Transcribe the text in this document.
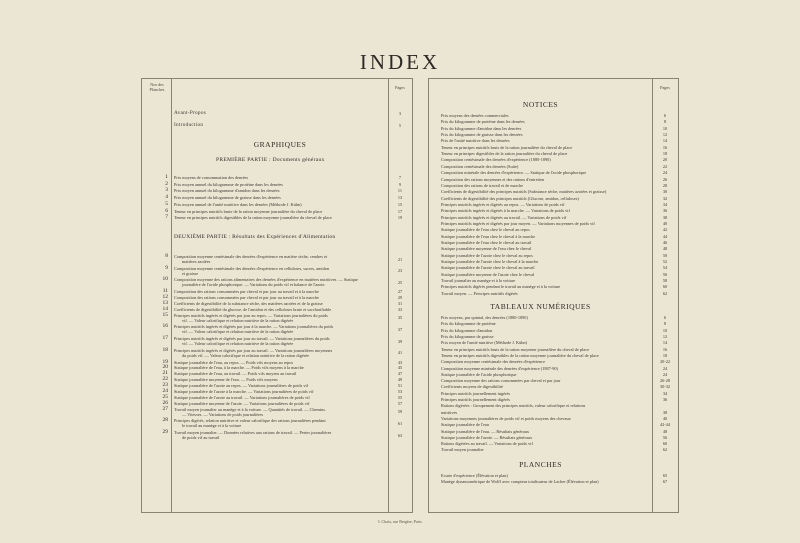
INDEX
Nos des Planches	Pages
Avant-Propos	3
Introduction	5
GRAPHIQUES
PREMIÈRE PARTIE : Documents généraux
1 Prix moyens de consommation des denrées	7
2 Prix moyen annuel du kilogramme de protéine dans les denrées	9
3 Prix moyen annuel du kilogramme d'amidon dans les denrées	11
4 Prix moyen annuel du kilogramme de graisse dans les denrées	13
5 Prix moyen annuel de l'unité nutritive dans les denrées (Méthode J. Kühn)	15
6 Teneur en principes nutritifs brute de la ration moyenne journalière du cheval de place	17
7 Teneur en principes nutritifs digestibles de la ration moyenne journalière du cheval de place	19
DEUXIÈME PARTIE : Résultats des Expériences d'Alimentation
8 Composition moyenne centésimale des denrées d'expérience en matière sèche, cendres et
matières azotées	21
9 Composition moyenne centésimale des denrées d'expérience en celluloses, sucres, amidon
et graisse	23
10 Composition moyenne des rations alimentaires des denrées d'expérience en matières nutritives. — Statique
journalière de l'acide phosphorique. — Variations du poids vif et balance de l'azote.	25
11 Composition des rations consommées par cheval et par jour au travail et à la marche	27
12 Composition des rations consommées par cheval et par jour au travail et à la marche	29
13 Coefficients de digestibilité de la substance sèche, des matières azotées et de la graisse	31
14 Coefficients de digestibilité du glucose, de l'amidon et des celluloses brute et saccharifiable	33
15 Principes nutritifs ingérés et digérés par jour au repos. — Variations journalières du poids
vif. — Valeur calorifique et relation nutritive de la ration digérée	35
16 Principes nutritifs ingérés et digérés par jour à la marche. — Variations journalières du poids
vif. — Valeur calorifique et relation nutritive de la ration digérée	37
17 Principes nutritifs ingérés et digérés par jour au travail. — Variations journalières du poids
vif. — Valeur calorifique et relation nutritive de la ration digérée	39
18 Principes nutritifs ingérés et digérés par jour au travail. — Variations journalières moyennes
du poids vif. — Valeur calorifique et relation nutritive de la ration digérée	41
19 Statique journalière de l'eau, au repos. — Poids vifs moyens au repos	43
20 Statique journalière de l'eau, à la marche. — Poids vifs moyens à la marche	45
21 Statique journalière de l'eau, au travail. — Poids vifs moyens au travail	47
22 Statique journalière moyenne de l'eau. — Poids vifs moyens	49
23 Statique journalière de l'azote au repos. — Variations journalières de poids vif	51
24 Statique journalière de l'azote à la marche. — Variations journalières de poids vif	53
25 Statique journalière de l'azote au travail. — Variations journalières de poids vif	55
26 Statique journalière moyenne de l'azote. — Variations journalières de poids vif	57
27 Travail moyen journalier au manège et à la voiture. — Quantités de travail. — Chemins.
— Vitesses. — Variations de poids journalières	59
28 Principes digérés, relation nutritive et valeur calorifique des rations journalières pendant
le travail au manège et à la voiture	61
29 Travail moyen journalier. — Données relatives aux rations de travail. — Pertes journalières
de poids vif au travail	63
Pages
NOTICES
Prix moyens des denrées commerciales	6
Prix du kilogramme de protéine dans les denrées	8
Prix du kilogramme d'amidon dans les denrées	10
Prix du kilogramme de graisse dans les denrées	12
Prix de l'unité nutritive dans les denrées	14
Teneur en principes nutritifs bruts de la ration journalière du cheval de place	16
Teneur en principes digestibles de la ration journalière du cheval de place	18
Composition centésimale des denrées d'expérience (1880-1890)	20
Composition centésimale des denrées (Suite)	22
Composition minérale des denrées d'expérience. — Statique de l'acide phosphorique	24
Composition des rations moyennes et des rations d'entretien	26
Composition des rations de travail et de marche	28
Coefficients de digestibilité des principes nutritifs (Substance sèche, matières azotées et graisse)	30
Coefficients de digestibilité des principes nutritifs (Glucose, amidon, celluloses)	32
Principes nutritifs ingérés et digérés au repos. — Variations de poids vif	34
Principes nutritifs ingérés et digérés à la marche. — Variations de poids vif	36
Principes nutritifs ingérés et digérés au travail. — Variations de poids vif	38
Principes nutritifs ingérés et digérés par jour moyen. — Variations moyennes de poids vif	40
Statique journalière de l'eau chez le cheval au repos	42
Statique journalière de l'eau chez le cheval à la marche	44
Statique journalière de l'eau chez le cheval au travail	46
Statique journalière moyenne de l'eau chez le cheval	48
Statique journalière de l'azote chez le cheval au repos	50
Statique journalière de l'azote chez le cheval à la marche	52
Statique journalière de l'azote chez le cheval au travail	54
Statique journalière moyenne de l'azote chez le cheval	56
Travail journalier au manège et à la voiture	58
Principes nutritifs digérés pendant le travail au manège et à la voiture	60
Travail moyen. — Principes nutritifs digérés	62
TABLEAUX NUMÉRIQUES
Prix moyens, par quintal, des denrées (1880-1890)	6
Prix du kilogramme de protéine	8
Prix du kilogramme d'amidon	10
Prix du kilogramme de graisse	12
Prix moyen de l'unité nutritive (Méthode J. Kühn)	14
Teneur en principes nutritifs bruts de la ration moyenne journalière du cheval de place	16
Teneur en principes nutritifs digestibles de la ration moyenne journalière du cheval de place	18
Composition moyenne centésimale des denrées d'expérience	20-22
Composition moyenne minérale des denrées d'expérience (1887-90)	24
Statique journalière de l'acide phosphorique	24
Composition moyenne des rations consommées par cheval et par jour	26-28
Coefficients moyens de digestibilité	30-32
Principes nutritifs journellement ingérés	34
Principes nutritifs journellement digérés	36
Rations digérées : Groupement des principes nutritifs, valeur calorifique et relations
nutritives	38
Variations moyennes journalières de poids vif et poids moyens des chevaux	40
Statique journalière de l'eau	42-44
Statique journalière de l'eau. — Résultats généraux	48
Statique journalière de l'azote. — Résultats généraux	56
Rations digérées au travail. — Variations de poids vif	60
Travail moyen journalier	62
PLANCHES
Ecurie d'expérience (Élévation et plan)	65
Manège dynamométrique de Wolff avec compteur totalisateur de Lacher (Élévation et plan)	67
I. Chaix, rue Bergère, Paris
